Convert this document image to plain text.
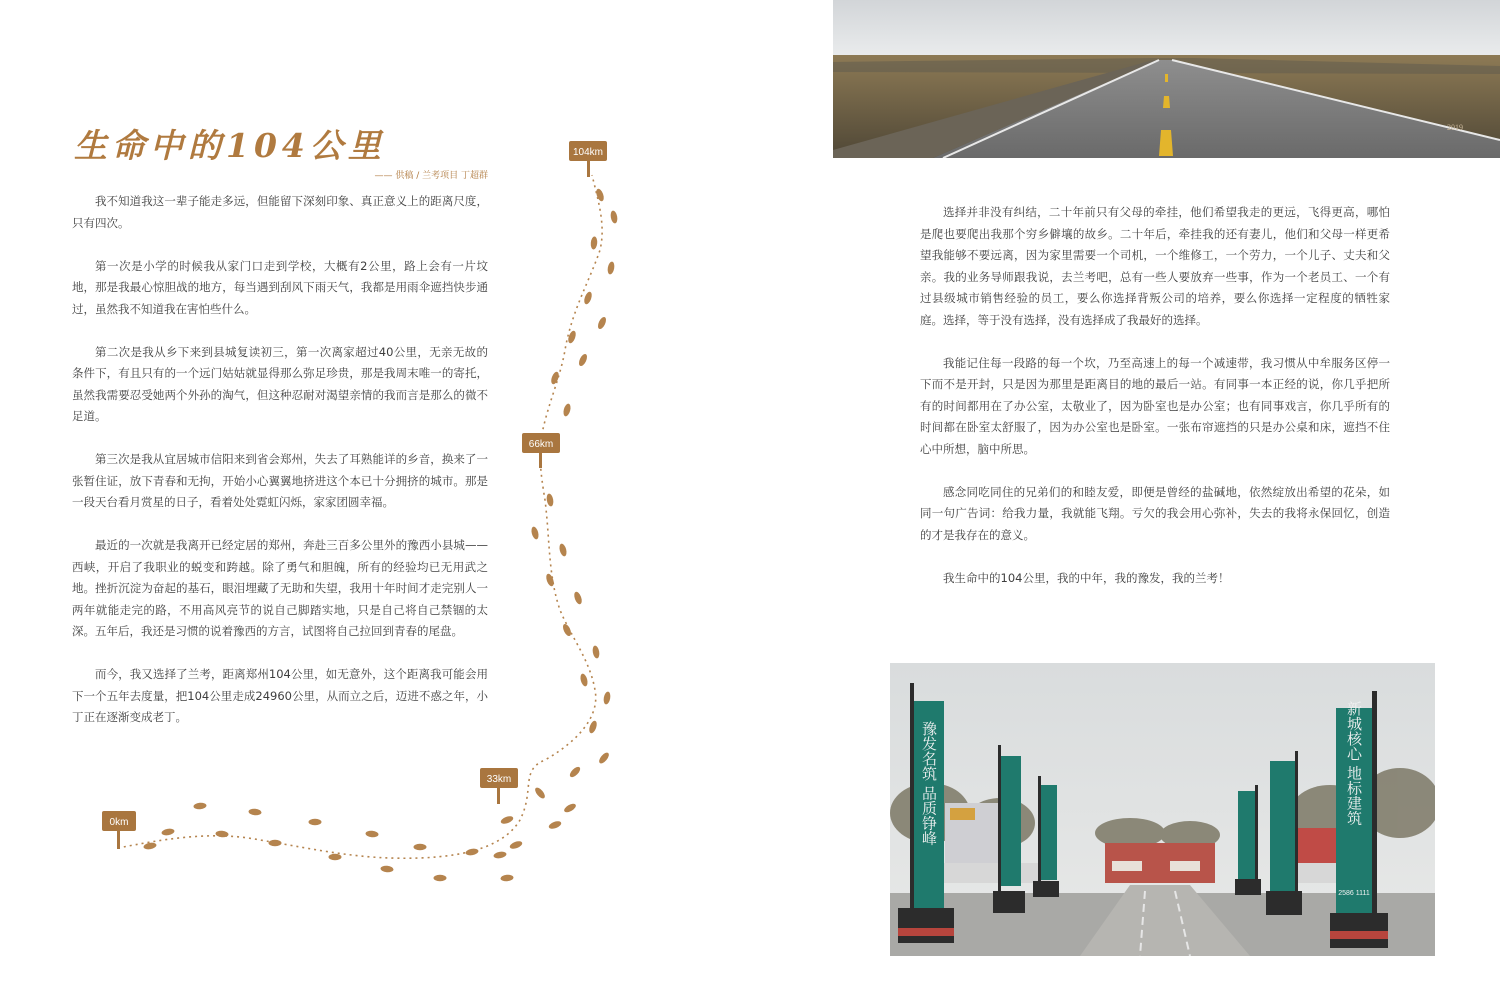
生命中的104公里

—— 供稿 / 兰考项目 丁超群

我不知道我这一辈子能走多远，但能留下深刻印象、真正意义上的距离尺度，只有四次。

第一次是小学的时候我从家门口走到学校，大概有2公里，路上会有一片坟地，那是我最心惊胆战的地方，每当遇到刮风下雨天气，我都是用雨伞遮挡快步通过，虽然我不知道我在害怕些什么。

第二次是我从乡下来到县城复读初三，第一次离家超过40公里，无亲无故的条件下，有且只有的一个远门姑姑就显得那么弥足珍贵，那是我周末唯一的寄托，虽然我需要忍受她两个外孙的淘气，但这种忍耐对渴望亲情的我而言是那么的微不足道。

第三次是我从宜居城市信阳来到省会郑州，失去了耳熟能详的乡音，换来了一张暂住证，放下青春和无拘，开始小心翼翼地挤进这个本已十分拥挤的城市。那是一段天台看月赏星的日子，看着处处霓虹闪烁，家家团圆幸福。

最近的一次就是我离开已经定居的郑州，奔赴三百多公里外的豫西小县城——西峡，开启了我职业的蜕变和跨越。除了勇气和胆魄，所有的经验均已无用武之地。挫折沉淀为奋起的基石，眼泪埋藏了无助和失望，我用十年时间才走完别人一两年就能走完的路，不用高风亮节的说自己脚踏实地，只是自己将自己禁锢的太深。五年后，我还是习惯的说着豫西的方言，试图将自己拉回到青春的尾盘。

而今，我又选择了兰考，距离郑州104公里，如无意外，这个距离我可能会用下一个五年去度量，把104公里走成24960公里，从而立之后，迈进不惑之年，小丁正在逐渐变成老丁。

104km
66km
33km
0km
2019

选择并非没有纠结，二十年前只有父母的牵挂，他们希望我走的更远，飞得更高，哪怕是爬也要爬出我那个穷乡僻壤的故乡。二十年后，牵挂我的还有妻儿，他们和父母一样更希望我能够不要远离，因为家里需要一个司机，一个维修工，一个劳力，一个儿子、丈夫和父亲。我的业务导师跟我说，去兰考吧，总有一些人要放弃一些事，作为一个老员工、一个有过县级城市销售经验的员工，要么你选择背叛公司的培养，要么你选择一定程度的牺牲家庭。选择，等于没有选择，没有选择成了我最好的选择。

我能记住每一段路的每一个坎，乃至高速上的每一个减速带，我习惯从中牟服务区停一下而不是开封，只是因为那里是距离目的地的最后一站。有同事一本正经的说，你几乎把所有的时间都用在了办公室，太敬业了，因为卧室也是办公室；也有同事戏言，你几乎所有的时间都在卧室太舒服了，因为办公室也是卧室。一张布帘遮挡的只是办公桌和床，遮挡不住心中所想，脑中所思。

感念同吃同住的兄弟们的和睦友爱，即便是曾经的盐碱地，依然绽放出希望的花朵，如同一句广告词：给我力量，我就能飞翔。亏欠的我会用心弥补，失去的我将永保回忆，创造的才是我存在的意义。

我生命中的104公里，我的中年，我的豫发，我的兰考！

豫发名筑 品质铮峰	新城核心 地标建筑
2586 1111
